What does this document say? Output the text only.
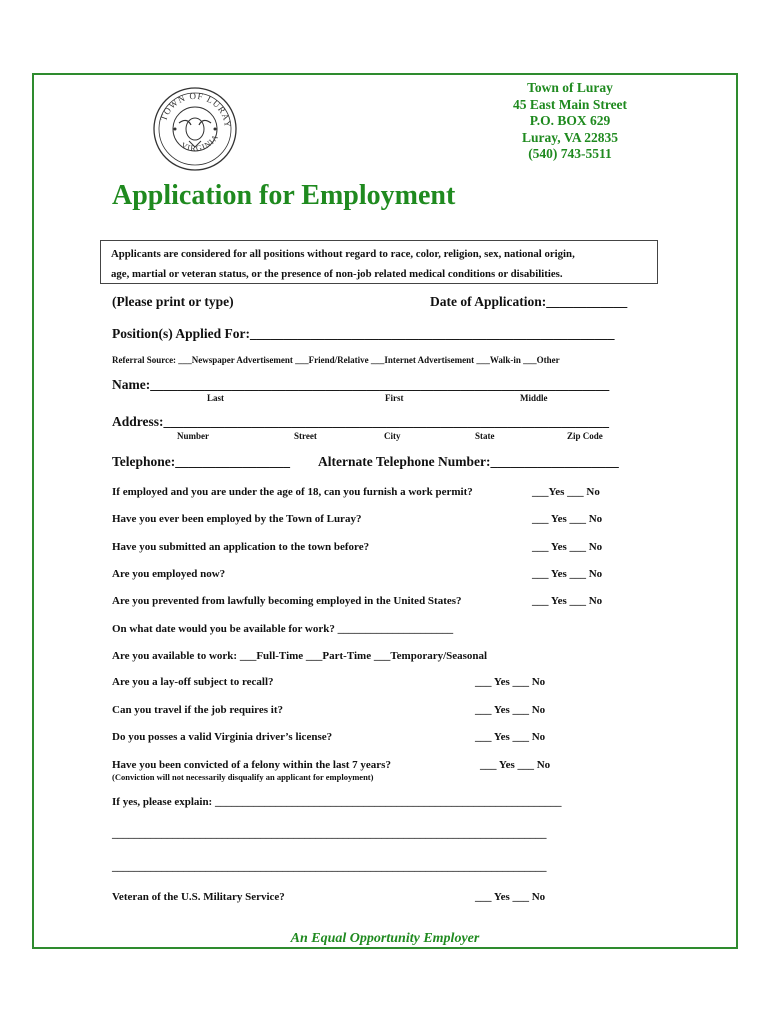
TOWN OF LURAY
VIRGINIA
Town of Luray
45 East Main Street
P.O. BOX 629
Luray, VA 22835
(540) 743-5511
Application for Employment
Applicants are considered for all positions without regard to race, color, religion, sex, national origin,
age, martial or veteran status, or the presence of non-job related medical conditions or disabilities.
(Please print or type)	Date of Application:____________
Position(s) Applied For:______________________________________________________
Referral Source: ___Newspaper Advertisement ___Friend/Relative ___Internet Advertisement ___Walk-in ___Other
Name:____________________________________________________________________
Last	First	Middle
Address:__________________________________________________________________
Number	Street	City	State	Zip Code
Telephone:_________________ Alternate Telephone Number:___________________
If employed and you are under the age of 18, can you furnish a work permit?	___Yes ___ No
Have you ever been employed by the Town of Luray?	___ Yes ___ No
Have you submitted an application to the town before?	___ Yes ___ No
Are you employed now?	___ Yes ___ No
Are you prevented from lawfully becoming employed in the United States?	___ Yes ___ No
On what date would you be available for work? _____________________
Are you available to work: ___Full-Time ___Part-Time ___Temporary/Seasonal
Are you a lay-off subject to recall?	___ Yes ___ No
Can you travel if the job requires it?	___ Yes ___ No
Do you posses a valid Virginia driver’s license?	___ Yes ___ No
Have you been convicted of a felony within the last 7 years?	___ Yes ___ No
(Conviction will not necessarily disqualify an applicant for employment)
If yes, please explain: _______________________________________________________________
_______________________________________________________________________________
_______________________________________________________________________________
Veteran of the U.S. Military Service?	___ Yes ___ No
An Equal Opportunity Employer
